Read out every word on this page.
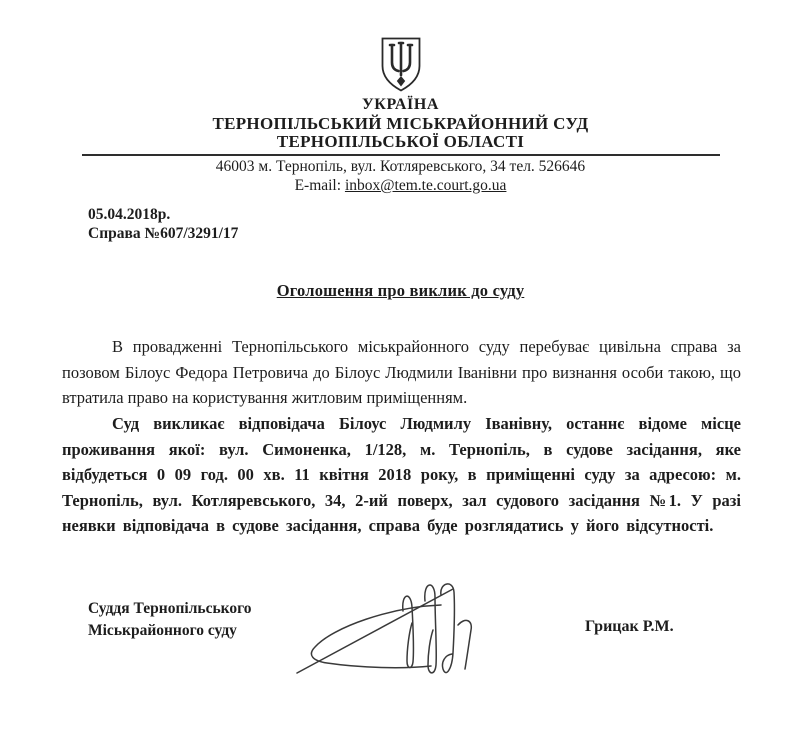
УКРАЇНА
ТЕРНОПІЛЬСЬКИЙ МІСЬКРАЙОННИЙ СУД
ТЕРНОПІЛЬСЬКОЇ ОБЛАСТІ
46003 м. Тернопіль, вул. Котляревського, 34 тел. 526646
E-mail: inbox@tem.te.court.go.ua
05.04.2018р.
Справа №607/3291/17
Оголошення про виклик до суду

В провадженні Тернопільського міськрайонного суду перебуває цивільна справа за позовом Білоус Федора Петровича до Білоус Людмили Іванівни про визнання особи такою, що втратила право на користування житловим приміщенням.

Суд викликає відповідача Білоус Людмилу Іванівну, останнє відоме місце проживання якої: вул. Симоненка, 1/128, м. Тернопіль, в судове засідання, яке відбудеться 0 09 год. 00 хв. 11 квітня 2018 року, в приміщенні суду за адресою: м. Тернопіль, вул. Котляревського, 34, 2-ий поверх, зал судового засідання №1. У разі неявки відповідача в судове засідання, справа буде розглядатись у його відсутності.

Суддя Тернопільського
Міськрайонного суду	Грицак Р.М.
